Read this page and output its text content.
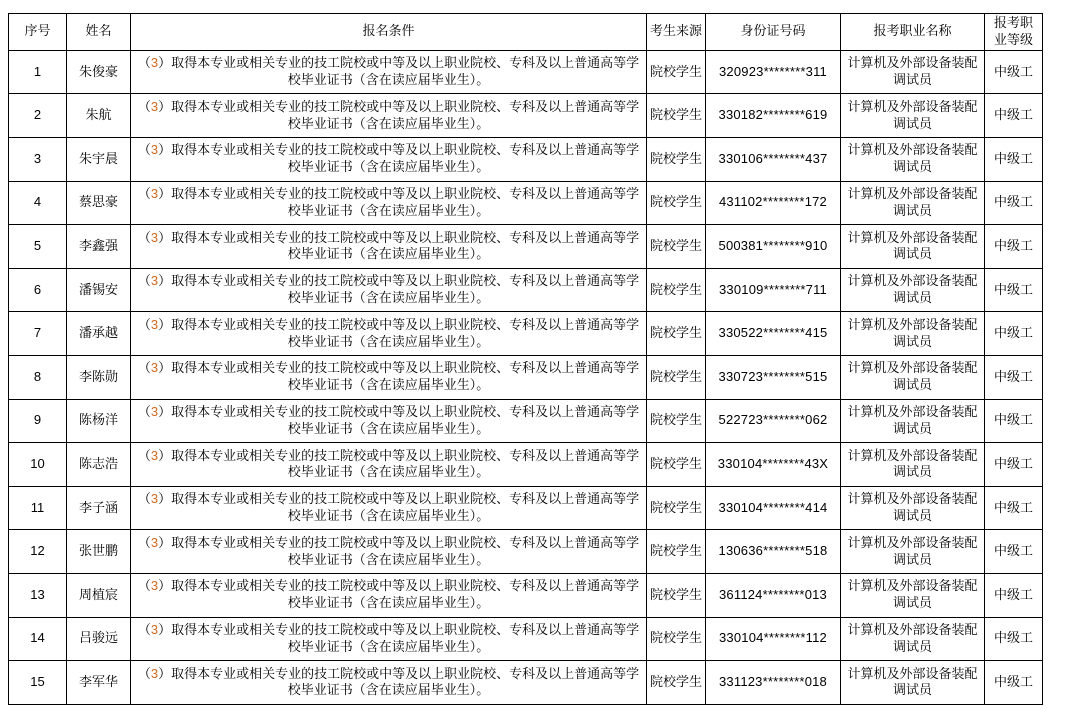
序号	姓名	报名条件	考生来源	身份证号码	报考职业名称	报考职业等级
1	朱俊豪	（3）取得本专业或相关专业的技工院校或中等及以上职业院校、专科及以上普通高等学校毕业证书（含在读应届毕业生）。	院校学生	320923********311	计算机及外部设备装配调试员	中级工
2	朱航	（3）取得本专业或相关专业的技工院校或中等及以上职业院校、专科及以上普通高等学校毕业证书（含在读应届毕业生）。	院校学生	330182********619	计算机及外部设备装配调试员	中级工
3	朱宇晨	（3）取得本专业或相关专业的技工院校或中等及以上职业院校、专科及以上普通高等学校毕业证书（含在读应届毕业生）。	院校学生	330106********437	计算机及外部设备装配调试员	中级工
4	蔡思豪	（3）取得本专业或相关专业的技工院校或中等及以上职业院校、专科及以上普通高等学校毕业证书（含在读应届毕业生）。	院校学生	431102********172	计算机及外部设备装配调试员	中级工
5	李鑫强	（3）取得本专业或相关专业的技工院校或中等及以上职业院校、专科及以上普通高等学校毕业证书（含在读应届毕业生）。	院校学生	500381********910	计算机及外部设备装配调试员	中级工
6	潘锡安	（3）取得本专业或相关专业的技工院校或中等及以上职业院校、专科及以上普通高等学校毕业证书（含在读应届毕业生）。	院校学生	330109********711	计算机及外部设备装配调试员	中级工
7	潘承越	（3）取得本专业或相关专业的技工院校或中等及以上职业院校、专科及以上普通高等学校毕业证书（含在读应届毕业生）。	院校学生	330522********415	计算机及外部设备装配调试员	中级工
8	李陈勋	（3）取得本专业或相关专业的技工院校或中等及以上职业院校、专科及以上普通高等学校毕业证书（含在读应届毕业生）。	院校学生	330723********515	计算机及外部设备装配调试员	中级工
9	陈杨洋	（3）取得本专业或相关专业的技工院校或中等及以上职业院校、专科及以上普通高等学校毕业证书（含在读应届毕业生）。	院校学生	522723********062	计算机及外部设备装配调试员	中级工
10	陈志浩	（3）取得本专业或相关专业的技工院校或中等及以上职业院校、专科及以上普通高等学校毕业证书（含在读应届毕业生）。	院校学生	330104********43X	计算机及外部设备装配调试员	中级工
11	李子涵	（3）取得本专业或相关专业的技工院校或中等及以上职业院校、专科及以上普通高等学校毕业证书（含在读应届毕业生）。	院校学生	330104********414	计算机及外部设备装配调试员	中级工
12	张世鹏	（3）取得本专业或相关专业的技工院校或中等及以上职业院校、专科及以上普通高等学校毕业证书（含在读应届毕业生）。	院校学生	130636********518	计算机及外部设备装配调试员	中级工
13	周植宸	（3）取得本专业或相关专业的技工院校或中等及以上职业院校、专科及以上普通高等学校毕业证书（含在读应届毕业生）。	院校学生	361124********013	计算机及外部设备装配调试员	中级工
14	吕骏远	（3）取得本专业或相关专业的技工院校或中等及以上职业院校、专科及以上普通高等学校毕业证书（含在读应届毕业生）。	院校学生	330104********112	计算机及外部设备装配调试员	中级工
15	李军华	（3）取得本专业或相关专业的技工院校或中等及以上职业院校、专科及以上普通高等学校毕业证书（含在读应届毕业生）。	院校学生	331123********018	计算机及外部设备装配调试员	中级工
